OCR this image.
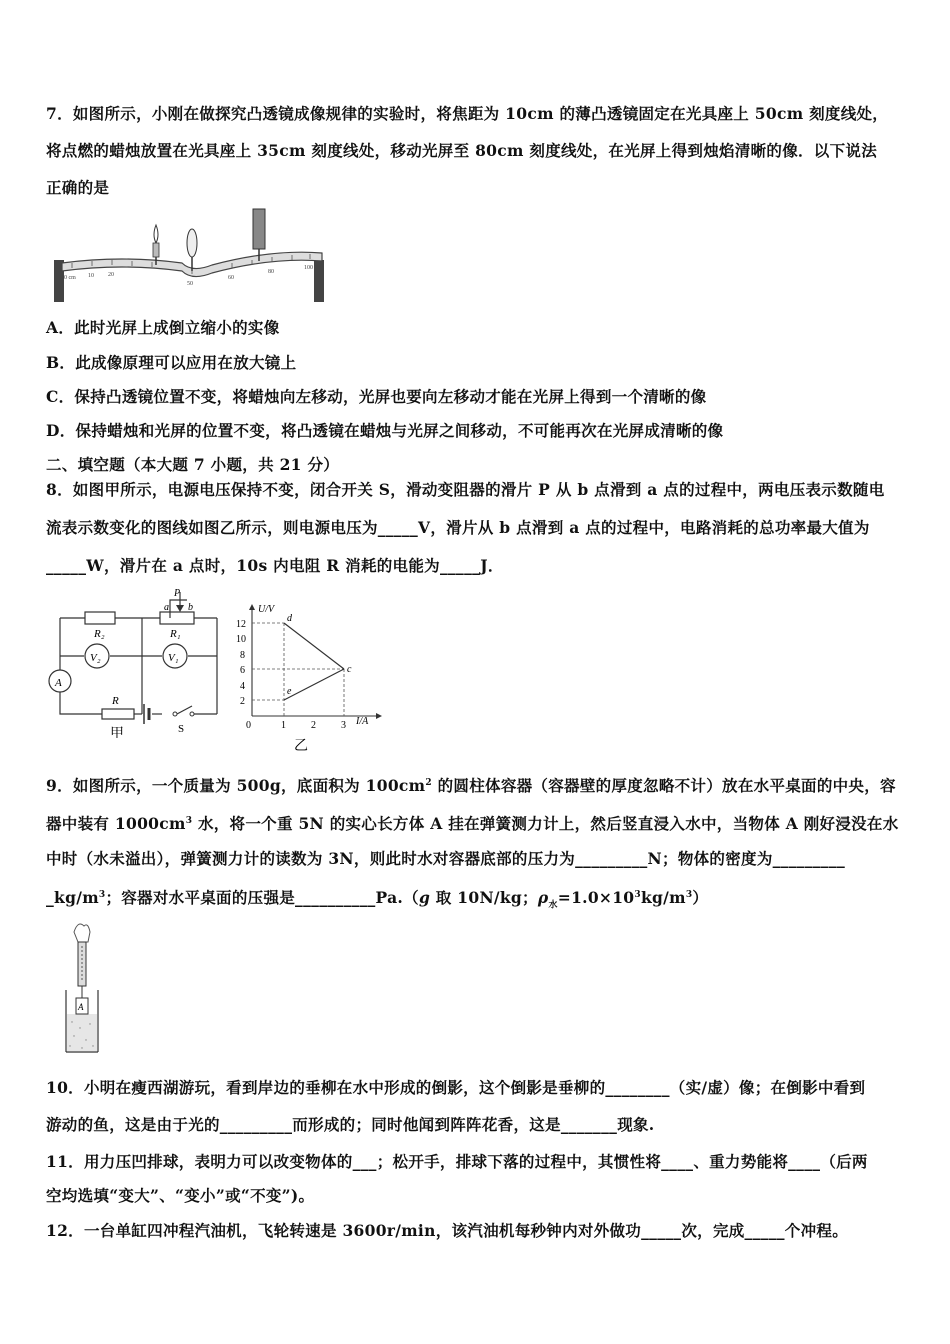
7．如图所示，小刚在做探究凸透镜成像规律的实验时，将焦距为 10cm 的薄凸透镜固定在光具座上 50cm 刻度线处，
将点燃的蜡烛放置在光具座上 35cm 刻度线处，移动光屏至 80cm 刻度线处，在光屏上得到烛焰清晰的像．以下说法
正确的是
0 cm 10 20
50
60
80
100
A．此时光屏上成倒立缩小的实像
B．此成像原理可以应用在放大镜上
C．保持凸透镜位置不变，将蜡烛向左移动，光屏也要向左移动才能在光屏上得到一个清晰的像
D．保持蜡烛和光屏的位置不变，将凸透镜在蜡烛与光屏之间移动，不可能再次在光屏成清晰的像
二、填空题（本大题 7 小题，共 21 分）
8．如图甲所示，电源电压保持不变，闭合开关 S，滑动变阻器的滑片 P 从 b 点滑到 a 点的过程中，两电压表示数随电
流表示数变化的图线如图乙所示，则电源电压为_____V，滑片从 b 点滑到 a 点的过程中，电路消耗的总功率最大值为
_____W，滑片在 a 点时，10s 内电阻 R 消耗的电能为_____J．
V₂	V₁
A
R₂	R₁
a b
P
R
S
甲
U/V
I/A
12
10
8
6
4
2
0	1	2	3
d
c
e
乙
9．如图所示，一个质量为 500g，底面积为 $100cm^2$ 的圆柱体容器（容器壁的厚度忽略不计）放在水平桌面的中央，容
器中装有 $1000cm^3$ 水，将一个重 5N 的实心长方体 A 挂在弹簧测力计上，然后竖直浸入水中，当物体 A 刚好浸没在水
中时（水未溢出），弹簧测力计的读数为 3N，则此时水对容器底部的压力为_________N；物体的密度为_________
$\_kg/m^3$；容器对水平桌面的压强是__________Pa.（g 取 10N/kg；$\rho_水=1.0\times 10^3kg/m^3$）
A
10．小明在瘦西湖游玩，看到岸边的垂柳在水中形成的倒影，这个倒影是垂柳的________（实/虚）像；在倒影中看到
游动的鱼，这是由于光的_________而形成的；同时他闻到阵阵花香，这是_______现象.
11．用力压凹排球，表明力可以改变物体的___；松开手，排球下落的过程中，其惯性将____、重力势能将____（后两
空均选填“变大”、“变小”或“不变”)。
12．一台单缸四冲程汽油机，飞轮转速是 3600r/min，该汽油机每秒钟内对外做功_____次，完成_____个冲程。
